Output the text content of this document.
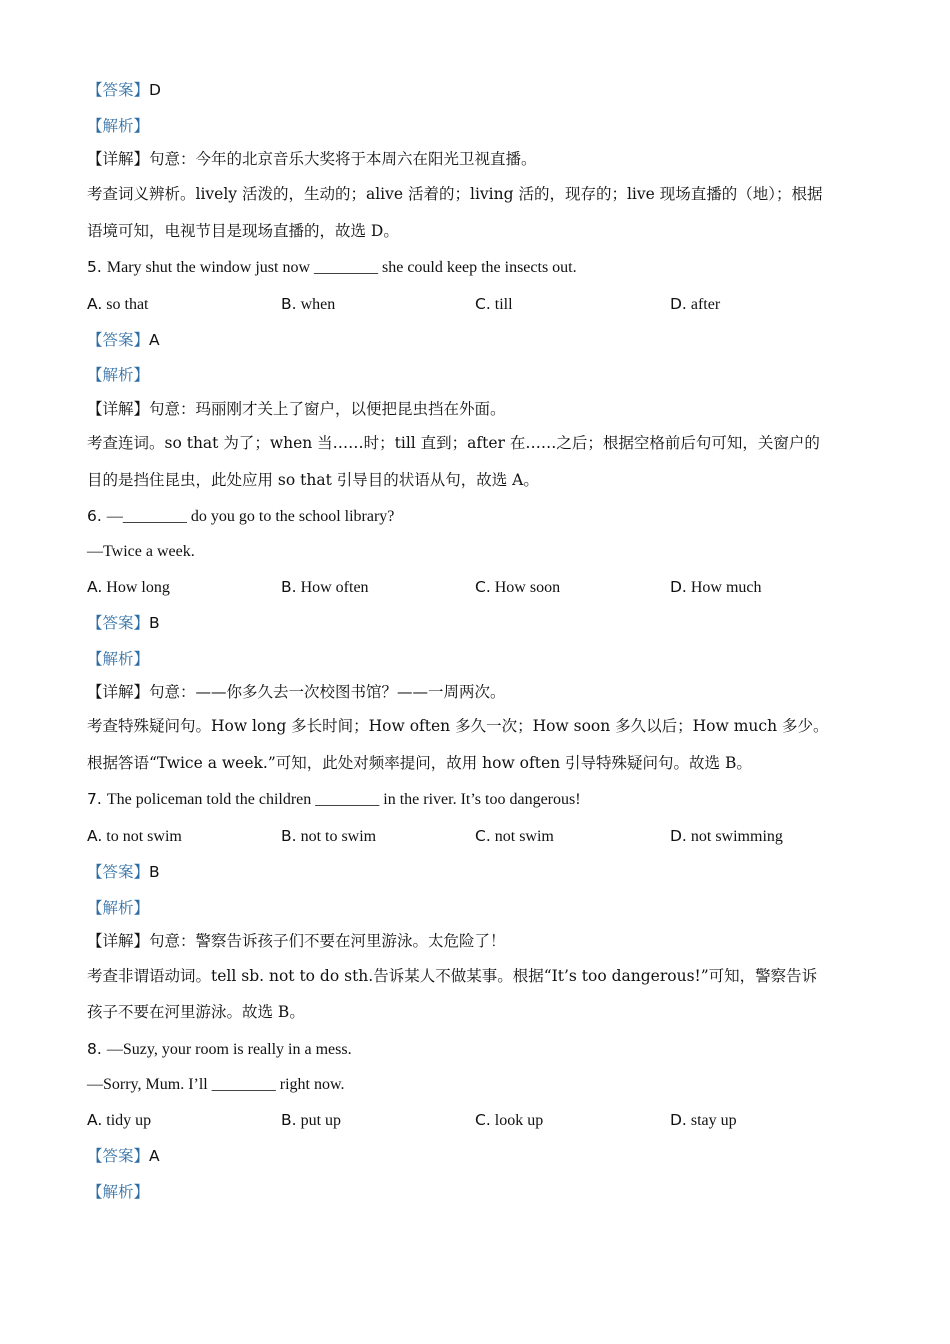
【答案】D
【解析】
【详解】句意：今年的北京音乐大奖将于本周六在阳光卫视直播。
考查词义辨析。lively 活泼的，生动的；alive 活着的；living 活的，现存的；live 现场直播的（地）；根据
语境可知，电视节目是现场直播的，故选 D。
5. Mary shut the window just now ________ she could keep the insects out.
A. so that	B. when	C. till	D. after
【答案】A
【解析】
【详解】句意：玛丽刚才关上了窗户，以便把昆虫挡在外面。
考查连词。so that 为了；when 当……时；till 直到；after 在……之后；根据空格前后句可知，关窗户的
目的是挡住昆虫，此处应用 so that 引导目的状语从句，故选 A。
6. —________ do you go to the school library?
—Twice a week.
A. How long	B. How often	C. How soon	D. How much
【答案】B
【解析】
【详解】句意：——你多久去一次校图书馆？——一周两次。
考查特殊疑问句。How long 多长时间；How often 多久一次；How soon 多久以后；How much 多少。
根据答语“Twice a week.”可知，此处对频率提问，故用 how often 引导特殊疑问句。故选 B。
7. The policeman told the children ________ in the river. It’s too dangerous!
A. to not swim	B. not to swim	C. not swim	D. not swimming
【答案】B
【解析】
【详解】句意：警察告诉孩子们不要在河里游泳。太危险了！
考查非谓语动词。tell sb. not to do sth.告诉某人不做某事。根据“It’s too dangerous!”可知，警察告诉
孩子不要在河里游泳。故选 B。
8. —Suzy, your room is really in a mess.
—Sorry, Mum. I’ll ________ right now.
A. tidy up	B. put up	C. look up	D. stay up
【答案】A
【解析】
